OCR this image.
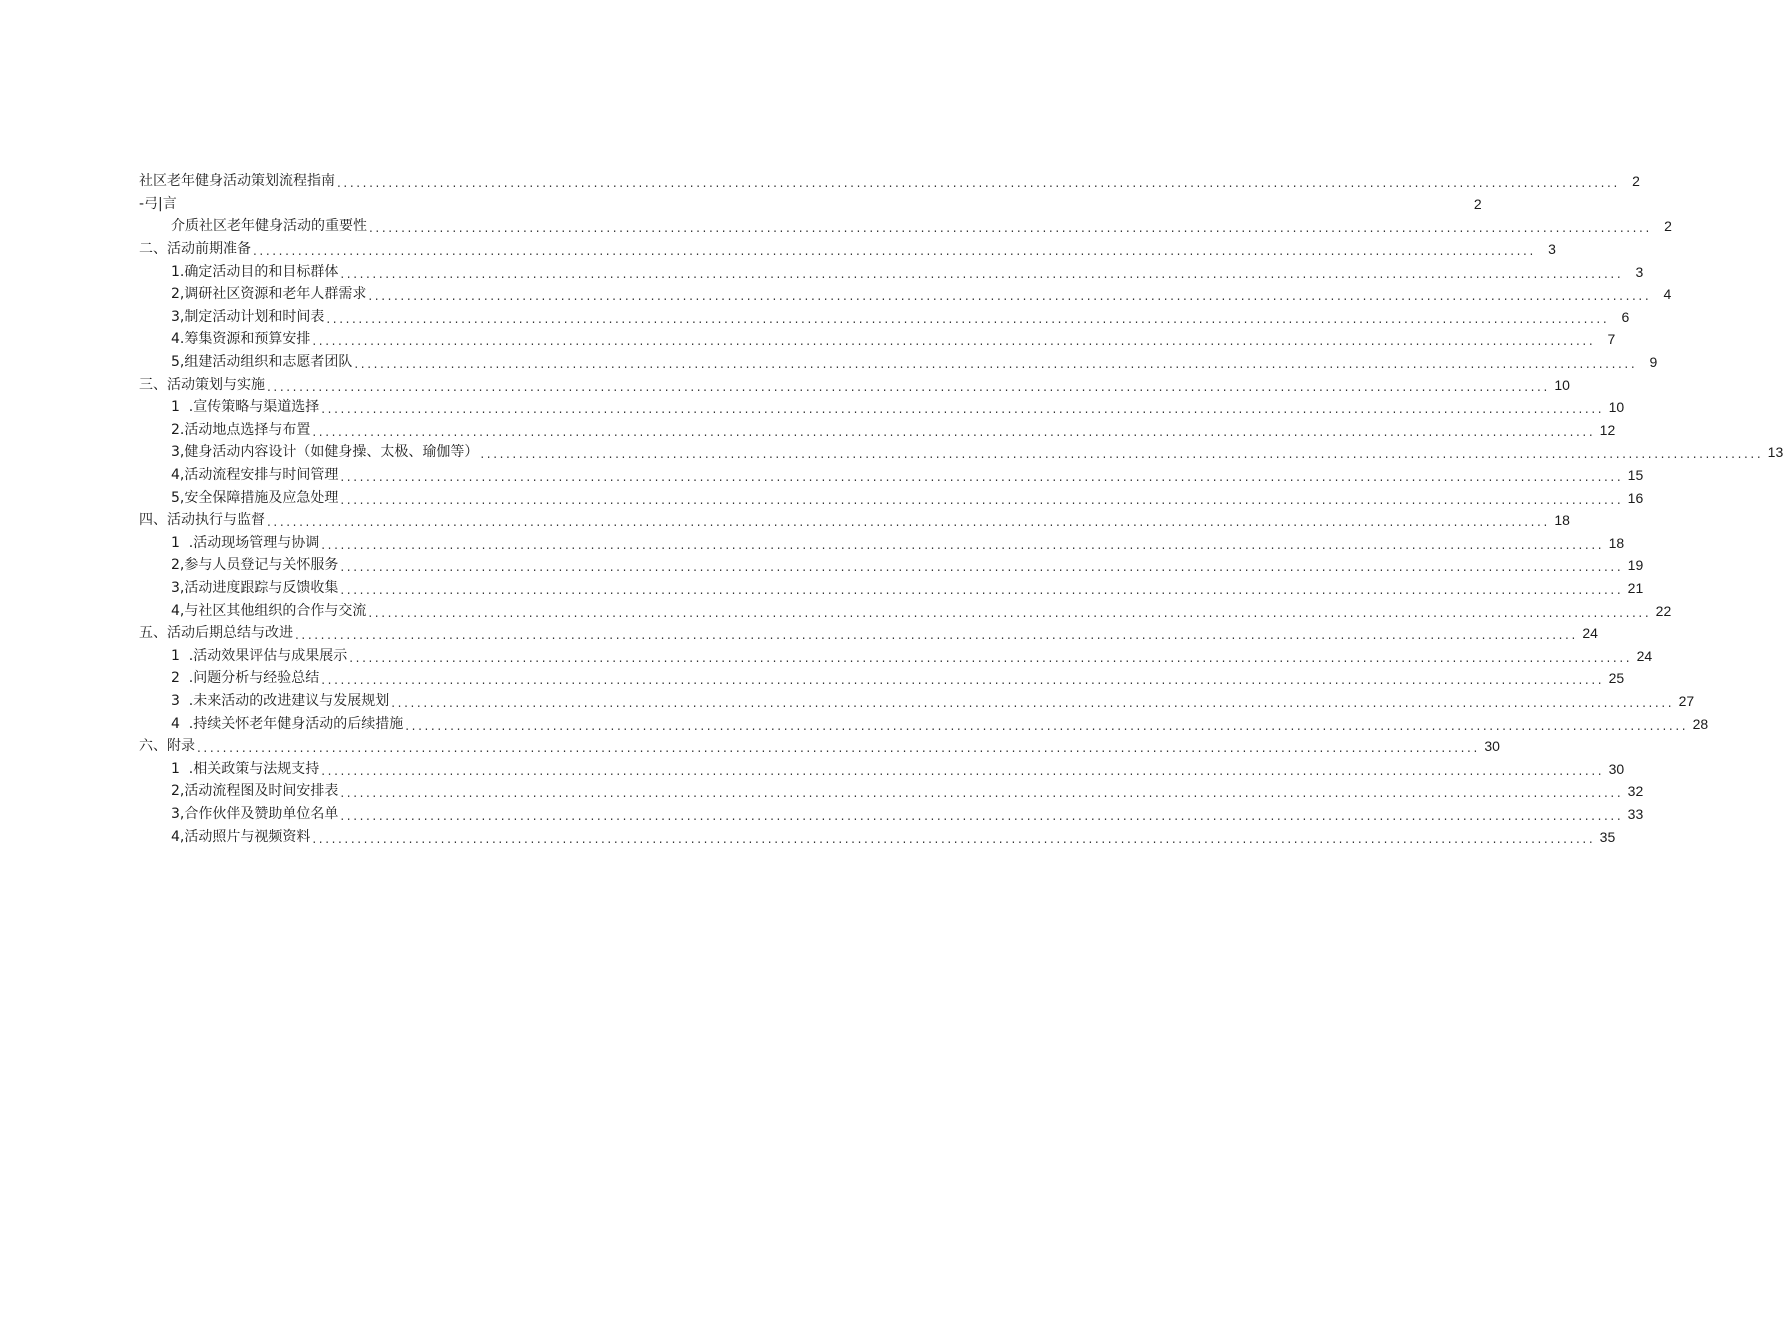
社区老年健身活动策划流程指南 ........................................................................................................................................................................................................ 2
-弓|言	2
介质社区老年健身活动的重要性 ........................................................................................................................................................................................................ 2
二、活动前期准备 ........................................................................................................................................................................................................ 3
1.确定活动目的和目标群体 ........................................................................................................................................................................................................ 3
2,调研社区资源和老年人群需求 ........................................................................................................................................................................................................ 4
3,制定活动计划和时间表 ........................................................................................................................................................................................................ 6
4.筹集资源和预算安排 ........................................................................................................................................................................................................ 7
5,组建活动组织和志愿者团队 ........................................................................................................................................................................................................ 9
三、活动策划与实施 ........................................................................................................................................................................................................ 10
1  .宣传策略与渠道选择 ........................................................................................................................................................................................................ 10
2.活动地点选择与布置 ........................................................................................................................................................................................................ 12
3,健身活动内容设计（如健身操、太极、瑜伽等） ........................................................................................................................................................................................................ 13
4,活动流程安排与时间管理 ........................................................................................................................................................................................................ 15
5,安全保障措施及应急处理 ........................................................................................................................................................................................................ 16
四、活动执行与监督 ........................................................................................................................................................................................................ 18
1  .活动现场管理与协调 ........................................................................................................................................................................................................ 18
2,参与人员登记与关怀服务 ........................................................................................................................................................................................................ 19
3,活动进度跟踪与反馈收集 ........................................................................................................................................................................................................ 21
4,与社区其他组织的合作与交流 ........................................................................................................................................................................................................ 22
五、活动后期总结与改进 ........................................................................................................................................................................................................ 24
1  .活动效果评估与成果展示 ........................................................................................................................................................................................................ 24
2  .问题分析与经验总结 ........................................................................................................................................................................................................ 25
3  .未来活动的改进建议与发展规划 ........................................................................................................................................................................................................ 27
4  .持续关怀老年健身活动的后续措施 ........................................................................................................................................................................................................ 28
六、附录 ........................................................................................................................................................................................................ 30
1  .相关政策与法规支持 ........................................................................................................................................................................................................ 30
2,活动流程图及时间安排表 ........................................................................................................................................................................................................ 32
3,合作伙伴及赞助单位名单 ........................................................................................................................................................................................................ 33
4,活动照片与视频资料 ........................................................................................................................................................................................................ 35
